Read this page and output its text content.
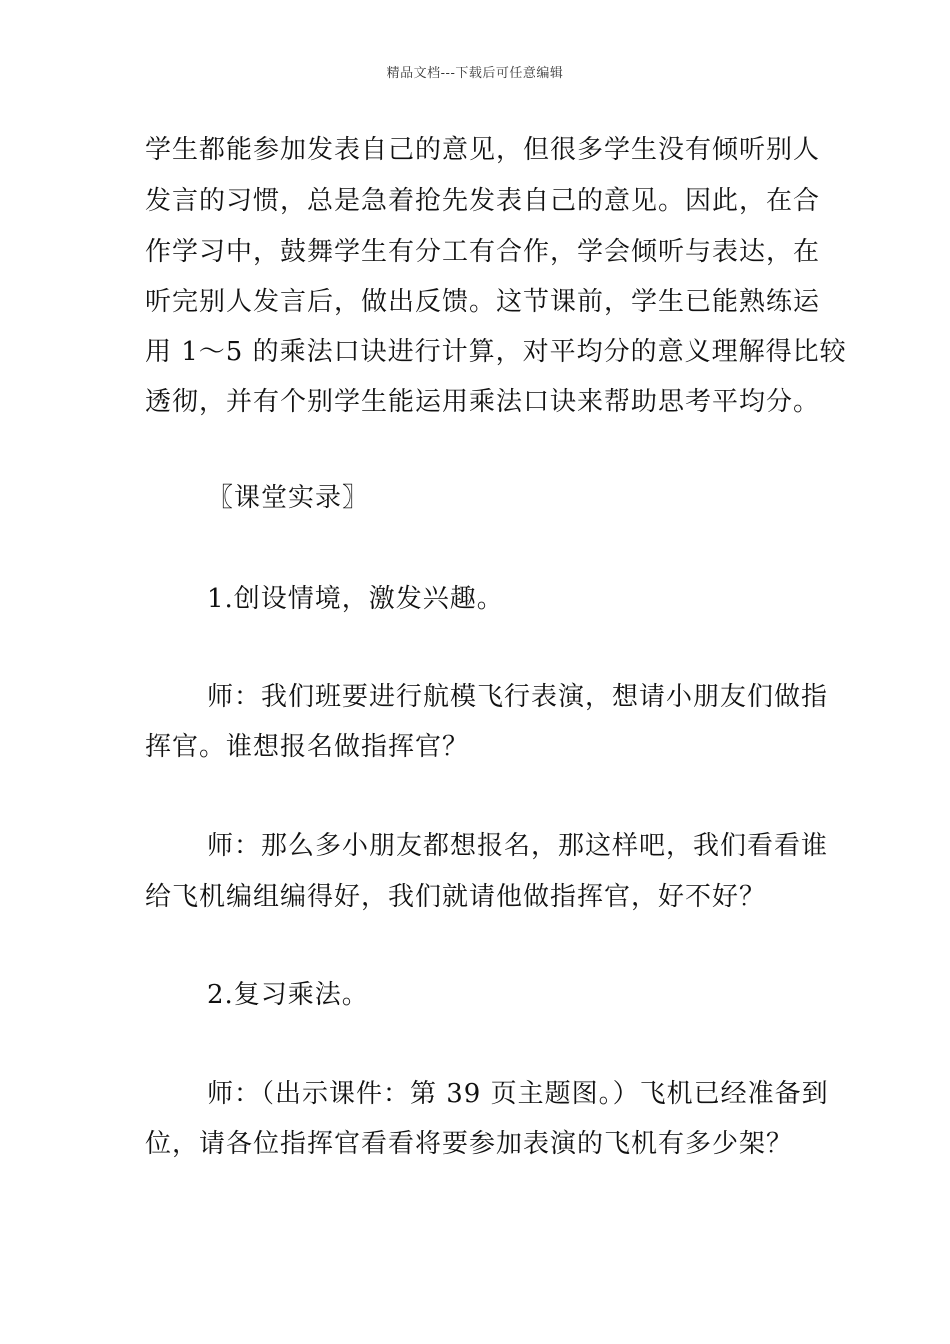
精品文档---下载后可任意编辑
学生都能参加发表自己的意见，但很多学生没有倾听别人
发言的习惯，总是急着抢先发表自己的意见。因此，在合
作学习中，鼓舞学生有分工有合作，学会倾听与表达，在
听完别人发言后，做出反馈。这节课前，学生已能熟练运
用 1～5 的乘法口诀进行计算，对平均分的意义理解得比较
透彻，并有个别学生能运用乘法口诀来帮助思考平均分。
〖课堂实录〗
1.创设情境，激发兴趣。
师：我们班要进行航模飞行表演，想请小朋友们做指
挥官。谁想报名做指挥官？
师：那么多小朋友都想报名，那这样吧，我们看看谁
给飞机编组编得好，我们就请他做指挥官，好不好？
2.复习乘法。
师：（出示课件：第 39 页主题图。）飞机已经准备到
位，请各位指挥官看看将要参加表演的飞机有多少架？
